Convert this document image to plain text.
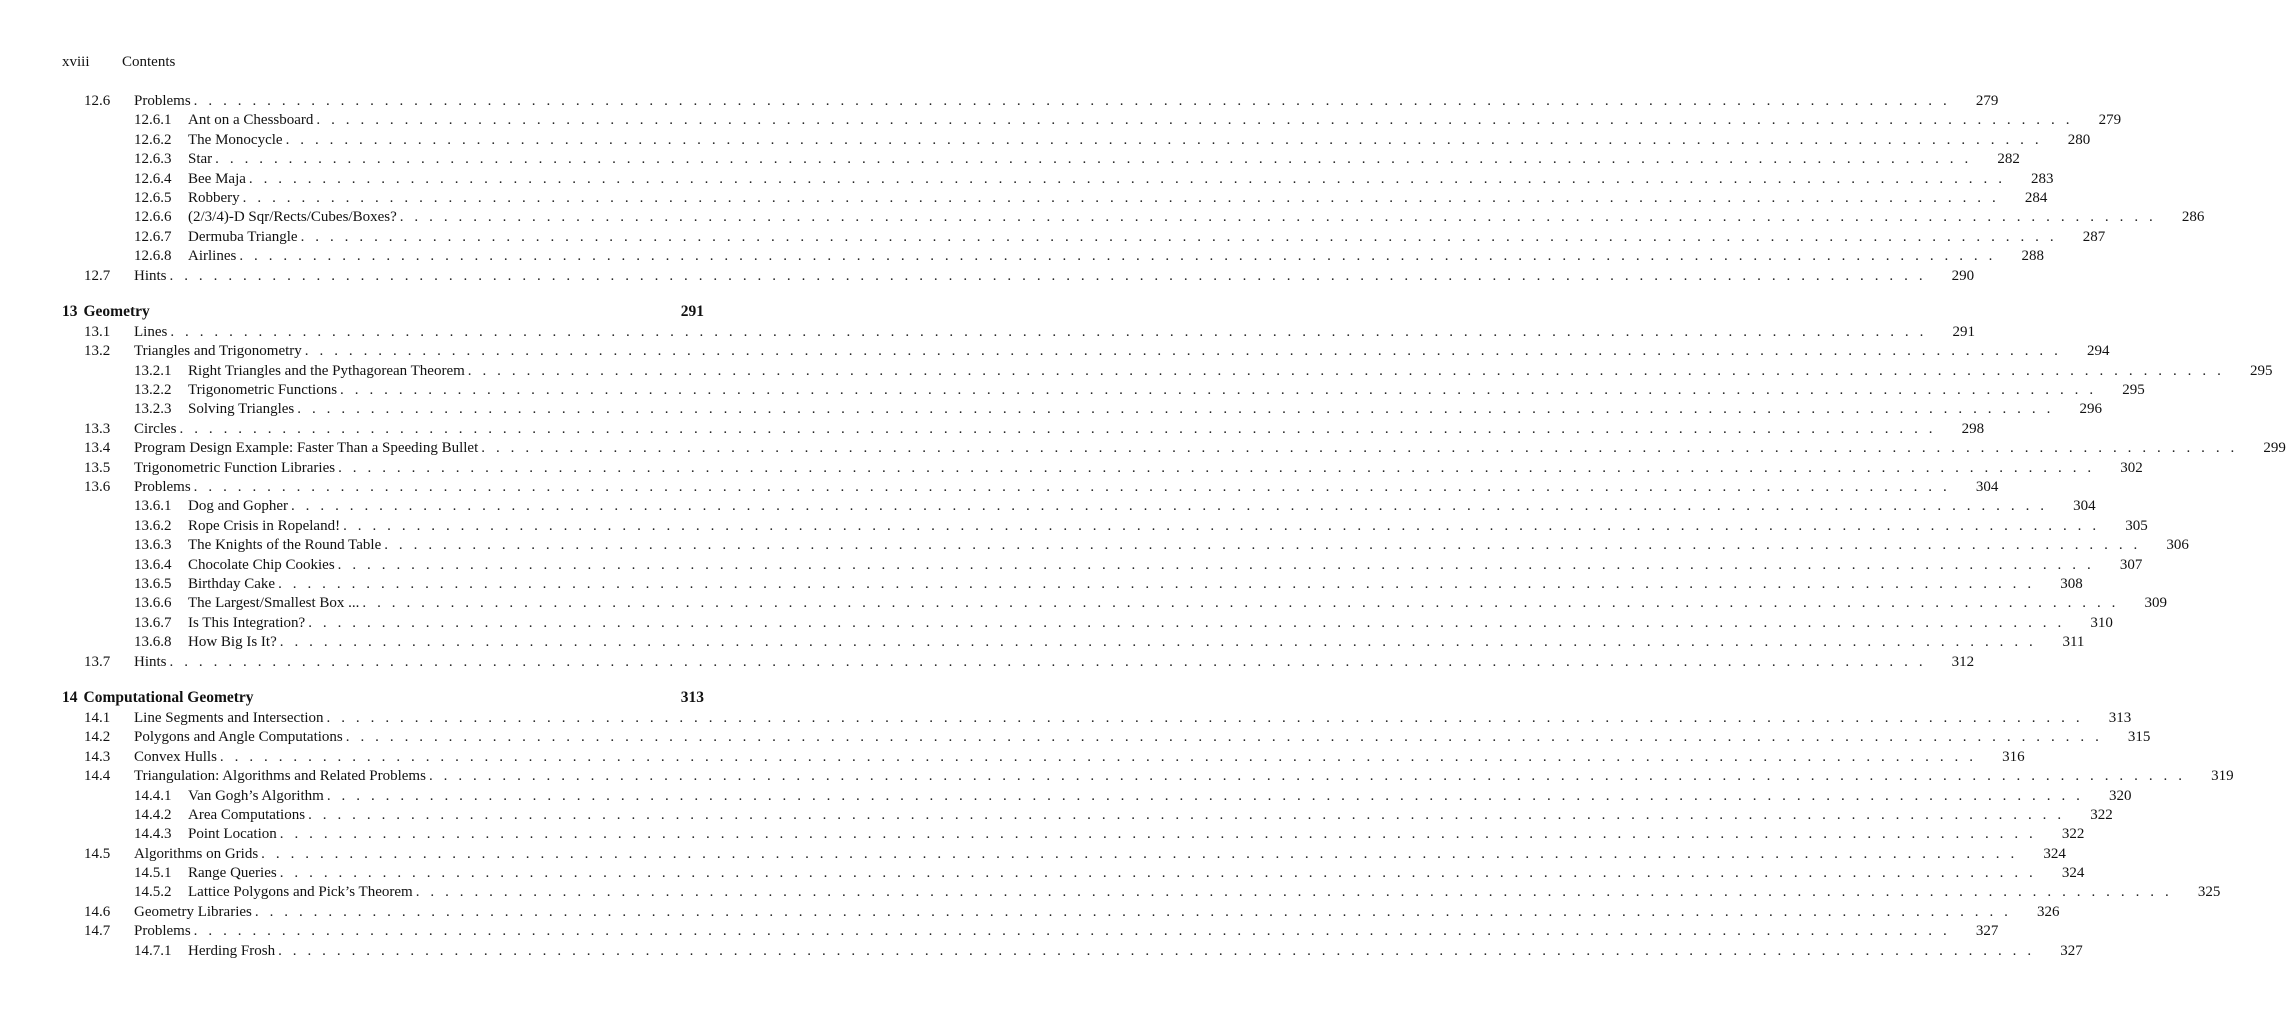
xviii	Contents
12.6	Problems . . . . . . . . . . . . . . . . . . . . . . . . . . . . . . . . . . . . . . . . . . . . . . . . . . . . . . . . . . . . . . . . . . . . . . . . . . . . . . . . . . . . . . . . . . . . . . . . . . . . . . . . . . . . . . . . . . . . . . . .	279
12.6.1	Ant on a Chessboard . . . . . . . . . . . . . . . . . . . . . . . . . . . . . . . . . . . . . . . . . . . . . . . . . . . . . . . . . . . . . . . . . . . . . . . . . . . . . . . . . . . . . . . . . . . . . . . . . . . . . . . . . . . . . . . . . . . . . . . .	279
12.6.2	The Monocycle . . . . . . . . . . . . . . . . . . . . . . . . . . . . . . . . . . . . . . . . . . . . . . . . . . . . . . . . . . . . . . . . . . . . . . . . . . . . . . . . . . . . . . . . . . . . . . . . . . . . . . . . . . . . . . . . . . . . . . . .	280
12.6.3	Star . . . . . . . . . . . . . . . . . . . . . . . . . . . . . . . . . . . . . . . . . . . . . . . . . . . . . . . . . . . . . . . . . . . . . . . . . . . . . . . . . . . . . . . . . . . . . . . . . . . . . . . . . . . . . . . . . . . . . . . .	282
12.6.4	Bee Maja . . . . . . . . . . . . . . . . . . . . . . . . . . . . . . . . . . . . . . . . . . . . . . . . . . . . . . . . . . . . . . . . . . . . . . . . . . . . . . . . . . . . . . . . . . . . . . . . . . . . . . . . . . . . . . . . . . . . . . . .	283
12.6.5	Robbery . . . . . . . . . . . . . . . . . . . . . . . . . . . . . . . . . . . . . . . . . . . . . . . . . . . . . . . . . . . . . . . . . . . . . . . . . . . . . . . . . . . . . . . . . . . . . . . . . . . . . . . . . . . . . . . . . . . . . . . .	284
12.6.6	(2/3/4)-D Sqr/Rects/Cubes/Boxes? . . . . . . . . . . . . . . . . . . . . . . . . . . . . . . . . . . . . . . . . . . . . . . . . . . . . . . . . . . . . . . . . . . . . . . . . . . . . . . . . . . . . . . . . . . . . . . . . . . . . . . . . . . . . . . . . . . . . . . . .	286
12.6.7	Dermuba Triangle . . . . . . . . . . . . . . . . . . . . . . . . . . . . . . . . . . . . . . . . . . . . . . . . . . . . . . . . . . . . . . . . . . . . . . . . . . . . . . . . . . . . . . . . . . . . . . . . . . . . . . . . . . . . . . . . . . . . . . . .	287
12.6.8	Airlines . . . . . . . . . . . . . . . . . . . . . . . . . . . . . . . . . . . . . . . . . . . . . . . . . . . . . . . . . . . . . . . . . . . . . . . . . . . . . . . . . . . . . . . . . . . . . . . . . . . . . . . . . . . . . . . . . . . . . . . .	288
12.7	Hints . . . . . . . . . . . . . . . . . . . . . . . . . . . . . . . . . . . . . . . . . . . . . . . . . . . . . . . . . . . . . . . . . . . . . . . . . . . . . . . . . . . . . . . . . . . . . . . . . . . . . . . . . . . . . . . . . . . . . . . .	290
13 Geometry	291
13.1	Lines . . . . . . . . . . . . . . . . . . . . . . . . . . . . . . . . . . . . . . . . . . . . . . . . . . . . . . . . . . . . . . . . . . . . . . . . . . . . . . . . . . . . . . . . . . . . . . . . . . . . . . . . . . . . . . . . . . . . . . . .	291
13.2	Triangles and Trigonometry . . . . . . . . . . . . . . . . . . . . . . . . . . . . . . . . . . . . . . . . . . . . . . . . . . . . . . . . . . . . . . . . . . . . . . . . . . . . . . . . . . . . . . . . . . . . . . . . . . . . . . . . . . . . . . . . . . . . . . . .	294
13.2.1	Right Triangles and the Pythagorean Theorem . . . . . . . . . . . . . . . . . . . . . . . . . . . . . . . . . . . . . . . . . . . . . . . . . . . . . . . . . . . . . . . . . . . . . . . . . . . . . . . . . . . . . . . . . . . . . . . . . . . . . . . . . . . . . . . . . . . . . . . .	295
13.2.2	Trigonometric Functions . . . . . . . . . . . . . . . . . . . . . . . . . . . . . . . . . . . . . . . . . . . . . . . . . . . . . . . . . . . . . . . . . . . . . . . . . . . . . . . . . . . . . . . . . . . . . . . . . . . . . . . . . . . . . . . . . . . . . . . .	295
13.2.3	Solving Triangles . . . . . . . . . . . . . . . . . . . . . . . . . . . . . . . . . . . . . . . . . . . . . . . . . . . . . . . . . . . . . . . . . . . . . . . . . . . . . . . . . . . . . . . . . . . . . . . . . . . . . . . . . . . . . . . . . . . . . . . .	296
13.3	Circles . . . . . . . . . . . . . . . . . . . . . . . . . . . . . . . . . . . . . . . . . . . . . . . . . . . . . . . . . . . . . . . . . . . . . . . . . . . . . . . . . . . . . . . . . . . . . . . . . . . . . . . . . . . . . . . . . . . . . . . .	298
13.4	Program Design Example: Faster Than a Speeding Bullet . . . . . . . . . . . . . . . . . . . . . . . . . . . . . . . . . . . . . . . . . . . . . . . . . . . . . . . . . . . . . . . . . . . . . . . . . . . . . . . . . . . . . . . . . . . . . . . . . . . . . . . . . . . . . . . . . . . . . . . .	299
13.5	Trigonometric Function Libraries . . . . . . . . . . . . . . . . . . . . . . . . . . . . . . . . . . . . . . . . . . . . . . . . . . . . . . . . . . . . . . . . . . . . . . . . . . . . . . . . . . . . . . . . . . . . . . . . . . . . . . . . . . . . . . . . . . . . . . . .	302
13.6	Problems . . . . . . . . . . . . . . . . . . . . . . . . . . . . . . . . . . . . . . . . . . . . . . . . . . . . . . . . . . . . . . . . . . . . . . . . . . . . . . . . . . . . . . . . . . . . . . . . . . . . . . . . . . . . . . . . . . . . . . . .	304
13.6.1	Dog and Gopher . . . . . . . . . . . . . . . . . . . . . . . . . . . . . . . . . . . . . . . . . . . . . . . . . . . . . . . . . . . . . . . . . . . . . . . . . . . . . . . . . . . . . . . . . . . . . . . . . . . . . . . . . . . . . . . . . . . . . . . .	304
13.6.2	Rope Crisis in Ropeland! . . . . . . . . . . . . . . . . . . . . . . . . . . . . . . . . . . . . . . . . . . . . . . . . . . . . . . . . . . . . . . . . . . . . . . . . . . . . . . . . . . . . . . . . . . . . . . . . . . . . . . . . . . . . . . . . . . . . . . . .	305
13.6.3	The Knights of the Round Table . . . . . . . . . . . . . . . . . . . . . . . . . . . . . . . . . . . . . . . . . . . . . . . . . . . . . . . . . . . . . . . . . . . . . . . . . . . . . . . . . . . . . . . . . . . . . . . . . . . . . . . . . . . . . . . . . . . . . . . .	306
13.6.4	Chocolate Chip Cookies . . . . . . . . . . . . . . . . . . . . . . . . . . . . . . . . . . . . . . . . . . . . . . . . . . . . . . . . . . . . . . . . . . . . . . . . . . . . . . . . . . . . . . . . . . . . . . . . . . . . . . . . . . . . . . . . . . . . . . . .	307
13.6.5	Birthday Cake . . . . . . . . . . . . . . . . . . . . . . . . . . . . . . . . . . . . . . . . . . . . . . . . . . . . . . . . . . . . . . . . . . . . . . . . . . . . . . . . . . . . . . . . . . . . . . . . . . . . . . . . . . . . . . . . . . . . . . . .	308
13.6.6	The Largest/Smallest Box ... . . . . . . . . . . . . . . . . . . . . . . . . . . . . . . . . . . . . . . . . . . . . . . . . . . . . . . . . . . . . . . . . . . . . . . . . . . . . . . . . . . . . . . . . . . . . . . . . . . . . . . . . . . . . . . . . . . . . . . . .	309
13.6.7	Is This Integration? . . . . . . . . . . . . . . . . . . . . . . . . . . . . . . . . . . . . . . . . . . . . . . . . . . . . . . . . . . . . . . . . . . . . . . . . . . . . . . . . . . . . . . . . . . . . . . . . . . . . . . . . . . . . . . . . . . . . . . . .	310
13.6.8	How Big Is It? . . . . . . . . . . . . . . . . . . . . . . . . . . . . . . . . . . . . . . . . . . . . . . . . . . . . . . . . . . . . . . . . . . . . . . . . . . . . . . . . . . . . . . . . . . . . . . . . . . . . . . . . . . . . . . . . . . . . . . . .	311
13.7	Hints . . . . . . . . . . . . . . . . . . . . . . . . . . . . . . . . . . . . . . . . . . . . . . . . . . . . . . . . . . . . . . . . . . . . . . . . . . . . . . . . . . . . . . . . . . . . . . . . . . . . . . . . . . . . . . . . . . . . . . . .	312
14 Computational Geometry	313
14.1	Line Segments and Intersection . . . . . . . . . . . . . . . . . . . . . . . . . . . . . . . . . . . . . . . . . . . . . . . . . . . . . . . . . . . . . . . . . . . . . . . . . . . . . . . . . . . . . . . . . . . . . . . . . . . . . . . . . . . . . . . . . . . . . . . .	313
14.2	Polygons and Angle Computations . . . . . . . . . . . . . . . . . . . . . . . . . . . . . . . . . . . . . . . . . . . . . . . . . . . . . . . . . . . . . . . . . . . . . . . . . . . . . . . . . . . . . . . . . . . . . . . . . . . . . . . . . . . . . . . . . . . . . . . .	315
14.3	Convex Hulls . . . . . . . . . . . . . . . . . . . . . . . . . . . . . . . . . . . . . . . . . . . . . . . . . . . . . . . . . . . . . . . . . . . . . . . . . . . . . . . . . . . . . . . . . . . . . . . . . . . . . . . . . . . . . . . . . . . . . . . .	316
14.4	Triangulation: Algorithms and Related Problems . . . . . . . . . . . . . . . . . . . . . . . . . . . . . . . . . . . . . . . . . . . . . . . . . . . . . . . . . . . . . . . . . . . . . . . . . . . . . . . . . . . . . . . . . . . . . . . . . . . . . . . . . . . . . . . . . . . . . . . .	319
14.4.1	Van Gogh’s Algorithm . . . . . . . . . . . . . . . . . . . . . . . . . . . . . . . . . . . . . . . . . . . . . . . . . . . . . . . . . . . . . . . . . . . . . . . . . . . . . . . . . . . . . . . . . . . . . . . . . . . . . . . . . . . . . . . . . . . . . . . .	320
14.4.2	Area Computations . . . . . . . . . . . . . . . . . . . . . . . . . . . . . . . . . . . . . . . . . . . . . . . . . . . . . . . . . . . . . . . . . . . . . . . . . . . . . . . . . . . . . . . . . . . . . . . . . . . . . . . . . . . . . . . . . . . . . . . .	322
14.4.3	Point Location . . . . . . . . . . . . . . . . . . . . . . . . . . . . . . . . . . . . . . . . . . . . . . . . . . . . . . . . . . . . . . . . . . . . . . . . . . . . . . . . . . . . . . . . . . . . . . . . . . . . . . . . . . . . . . . . . . . . . . . .	322
14.5	Algorithms on Grids . . . . . . . . . . . . . . . . . . . . . . . . . . . . . . . . . . . . . . . . . . . . . . . . . . . . . . . . . . . . . . . . . . . . . . . . . . . . . . . . . . . . . . . . . . . . . . . . . . . . . . . . . . . . . . . . . . . . . . . .	324
14.5.1	Range Queries . . . . . . . . . . . . . . . . . . . . . . . . . . . . . . . . . . . . . . . . . . . . . . . . . . . . . . . . . . . . . . . . . . . . . . . . . . . . . . . . . . . . . . . . . . . . . . . . . . . . . . . . . . . . . . . . . . . . . . . .	324
14.5.2	Lattice Polygons and Pick’s Theorem . . . . . . . . . . . . . . . . . . . . . . . . . . . . . . . . . . . . . . . . . . . . . . . . . . . . . . . . . . . . . . . . . . . . . . . . . . . . . . . . . . . . . . . . . . . . . . . . . . . . . . . . . . . . . . . . . . . . . . . .	325
14.6	Geometry Libraries . . . . . . . . . . . . . . . . . . . . . . . . . . . . . . . . . . . . . . . . . . . . . . . . . . . . . . . . . . . . . . . . . . . . . . . . . . . . . . . . . . . . . . . . . . . . . . . . . . . . . . . . . . . . . . . . . . . . . . . .	326
14.7	Problems . . . . . . . . . . . . . . . . . . . . . . . . . . . . . . . . . . . . . . . . . . . . . . . . . . . . . . . . . . . . . . . . . . . . . . . . . . . . . . . . . . . . . . . . . . . . . . . . . . . . . . . . . . . . . . . . . . . . . . . .	327
14.7.1	Herding Frosh . . . . . . . . . . . . . . . . . . . . . . . . . . . . . . . . . . . . . . . . . . . . . . . . . . . . . . . . . . . . . . . . . . . . . . . . . . . . . . . . . . . . . . . . . . . . . . . . . . . . . . . . . . . . . . . . . . . . . . . .	327
